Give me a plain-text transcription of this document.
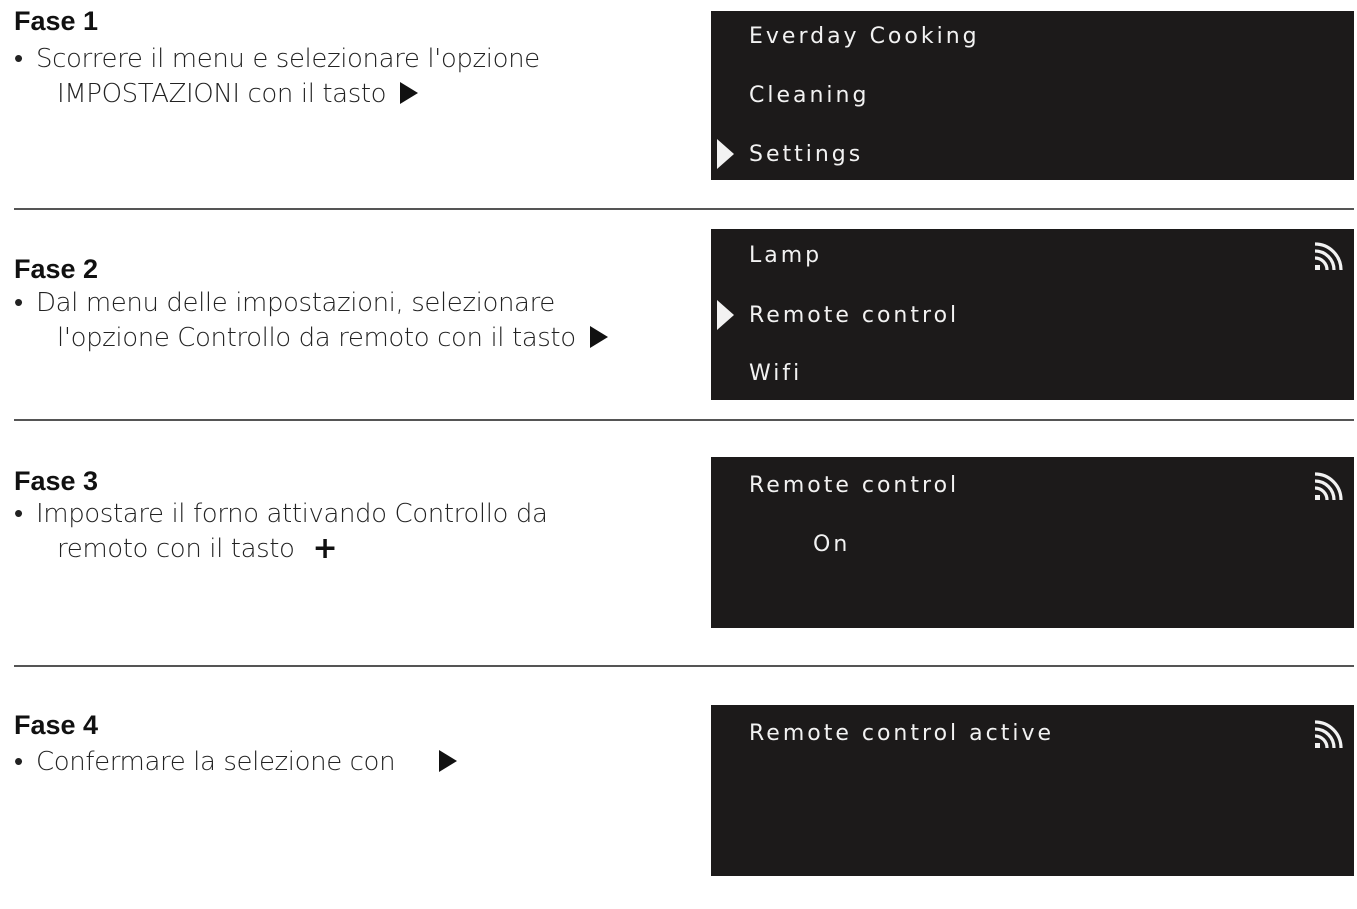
Fase 1

• Scorrere il menu e selezionare l'opzione
IMPOSTAZIONI con il tasto

Everday Cooking

Cleaning

Settings

Fase 2

• Dal menu delle impostazioni, selezionare
l'opzione Controllo da remoto con il tasto

Lamp

Remote control

Wifi

Fase 3

• Impostare il forno attivando Controllo da
remoto con il tasto +

Remote control

On

Fase 4

• Confermare la selezione con

Remote control active
